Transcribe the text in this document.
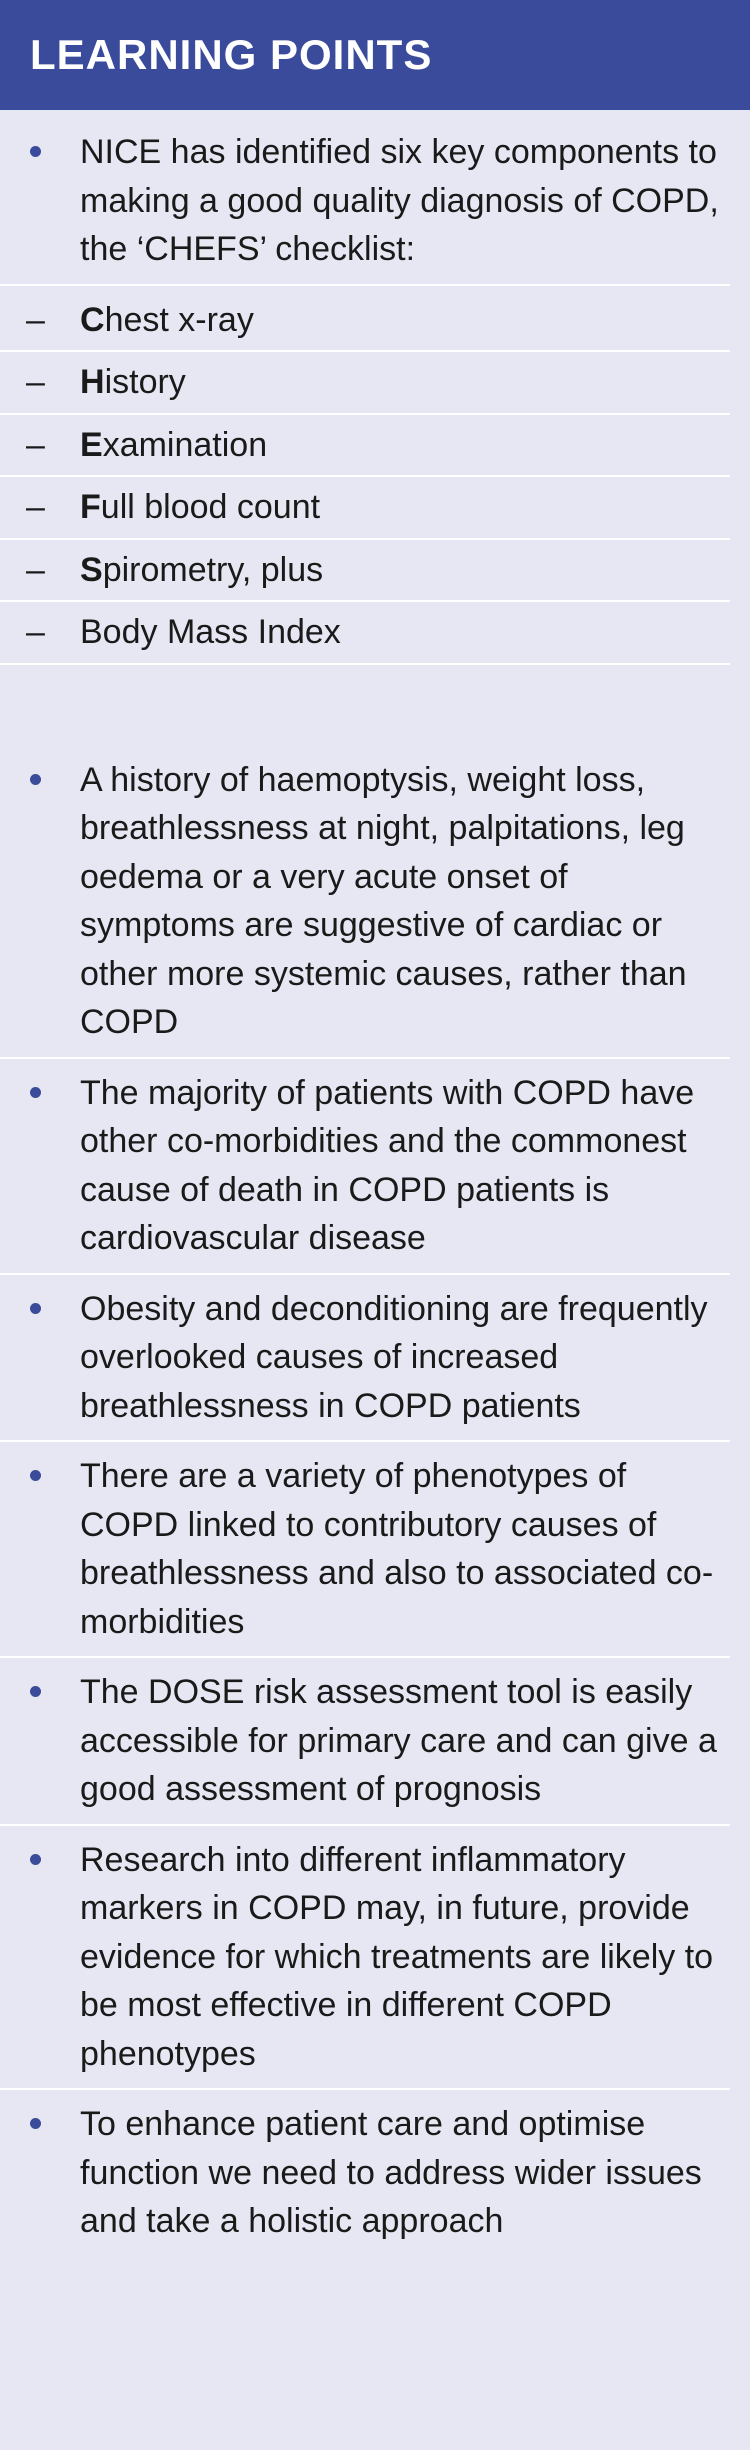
LEARNING POINTS
NICE has identified six key components to making a good quality diagnosis of COPD, the ‘CHEFS’ checklist:
– Chest x-ray
– History
– Examination
– Full blood count
– Spirometry, plus
– Body Mass Index
A history of haemoptysis, weight loss, breathlessness at night, palpitations, leg oedema or a very acute onset of symptoms are suggestive of cardiac or other more systemic causes, rather than COPD
The majority of patients with COPD have other co-morbidities and the commonest cause of death in COPD patients is cardiovascular disease
Obesity and deconditioning are frequently overlooked causes of increased breathlessness in COPD patients
There are a variety of phenotypes of COPD linked to contributory causes of breathlessness and also to associated co-morbidities
The DOSE risk assessment tool is easily accessible for primary care and can give a good assessment of prognosis
Research into different inflammatory markers in COPD may, in future, provide evidence for which treatments are likely to be most effective in different COPD phenotypes
To enhance patient care and optimise function we need to address wider issues and take a holistic approach
